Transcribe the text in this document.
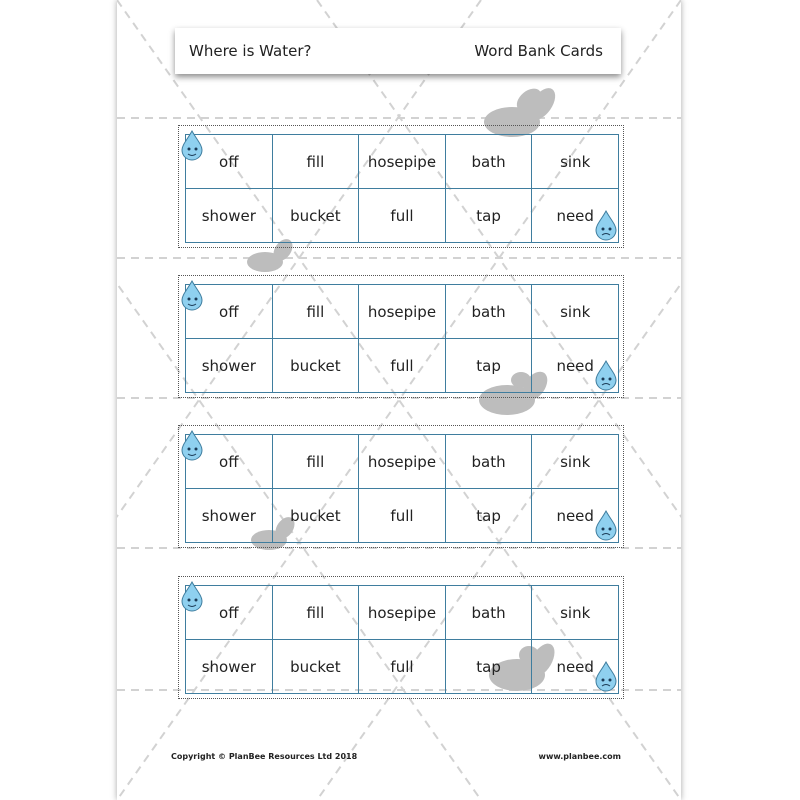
Where is Water?	Word Bank Cards
off	fill	hosepipe	bath	sink
shower	bucket	full	tap	need
off	fill	hosepipe	bath	sink
shower	bucket	full	tap	need
off	fill	hosepipe	bath	sink
shower	bucket	full	tap	need
off	fill	hosepipe	bath	sink
shower	bucket	full	tap	need
Copyright © PlanBee Resources Ltd 2018	www.planbee.com
